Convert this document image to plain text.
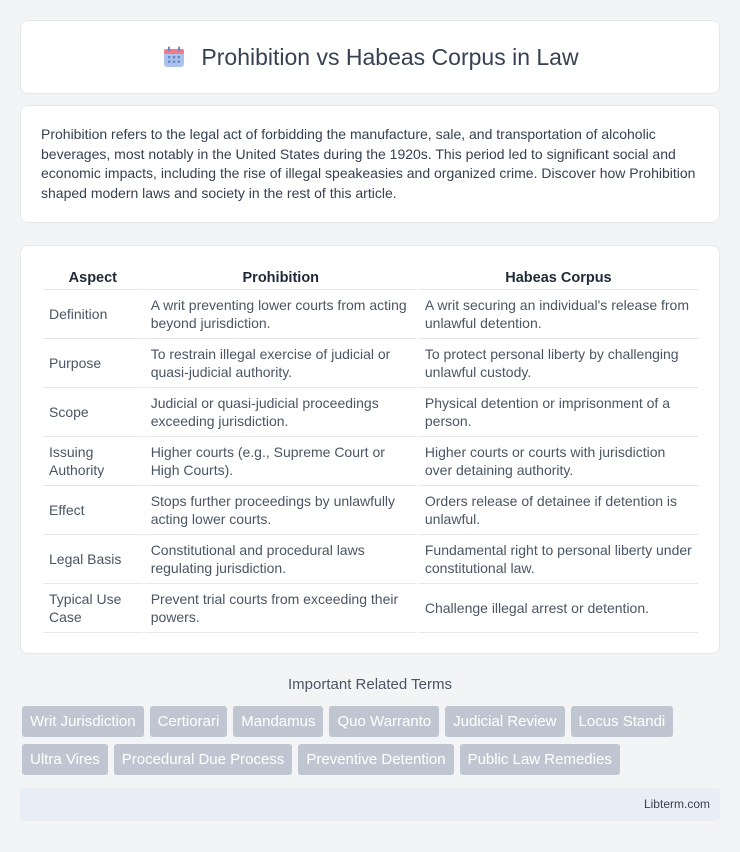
Prohibition vs Habeas Corpus in Law

Prohibition refers to the legal act of forbidding the manufacture, sale, and transportation of alcoholic beverages, most notably in the United States during the 1920s. This period led to significant social and economic impacts, including the rise of illegal speakeasies and organized crime. Discover how Prohibition shaped modern laws and society in the rest of this article.

Aspect	Prohibition	Habeas Corpus
Definition	A writ preventing lower courts from acting beyond jurisdiction.	A writ securing an individual's release from unlawful detention.
Purpose	To restrain illegal exercise of judicial or quasi-judicial authority.	To protect personal liberty by challenging unlawful custody.
Scope	Judicial or quasi-judicial proceedings exceeding jurisdiction.	Physical detention or imprisonment of a person.
Issuing Authority	Higher courts (e.g., Supreme Court or High Courts).	Higher courts or courts with jurisdiction over detaining authority.
Effect	Stops further proceedings by unlawfully acting lower courts.	Orders release of detainee if detention is unlawful.
Legal Basis	Constitutional and procedural laws regulating jurisdiction.	Fundamental right to personal liberty under constitutional law.
Typical Use Case	Prevent trial courts from exceeding their powers.	Challenge illegal arrest or detention.
Important Related Terms
Writ Jurisdiction	Certiorari	Mandamus	Quo Warranto	Judicial Review	Locus Standi
Ultra Vires	Procedural Due Process	Preventive Detention	Public Law Remedies
Libterm.com
